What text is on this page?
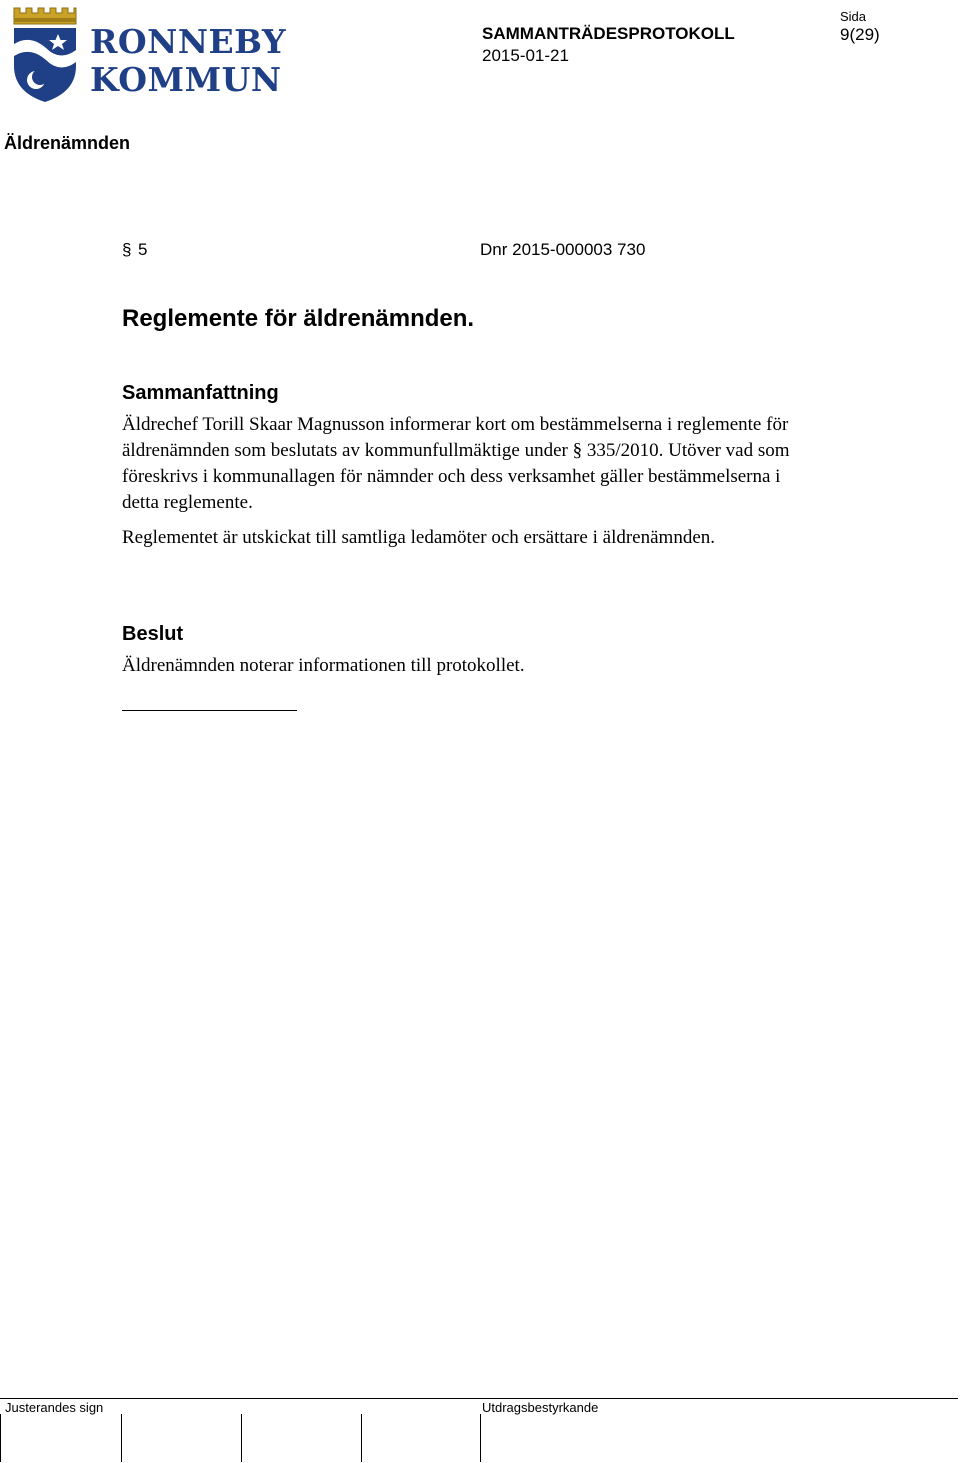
RONNEBY
KOMMUN
SAMMANTRÄDESPROTOKOLL
2015-01-21
Sida
9(29)
Äldrenämnden
§ 5	Dnr 2015-000003 730
Reglemente för äldrenämnden.
Sammanfattning

Äldrechef Torill Skaar Magnusson informerar kort om bestämmelserna i reglemente för äldrenämnden som beslutats av kommunfullmäktige under § 335/2010. Utöver vad som föreskrivs i kommunallagen för nämnder och dess verksamhet gäller bestämmelserna i detta reglemente.

Reglementet är utskickat till samtliga ledamöter och ersättare i äldrenämnden.

Beslut

Äldrenämnden noterar informationen till protokollet.

Justerandes sign	Utdragsbestyrkande
